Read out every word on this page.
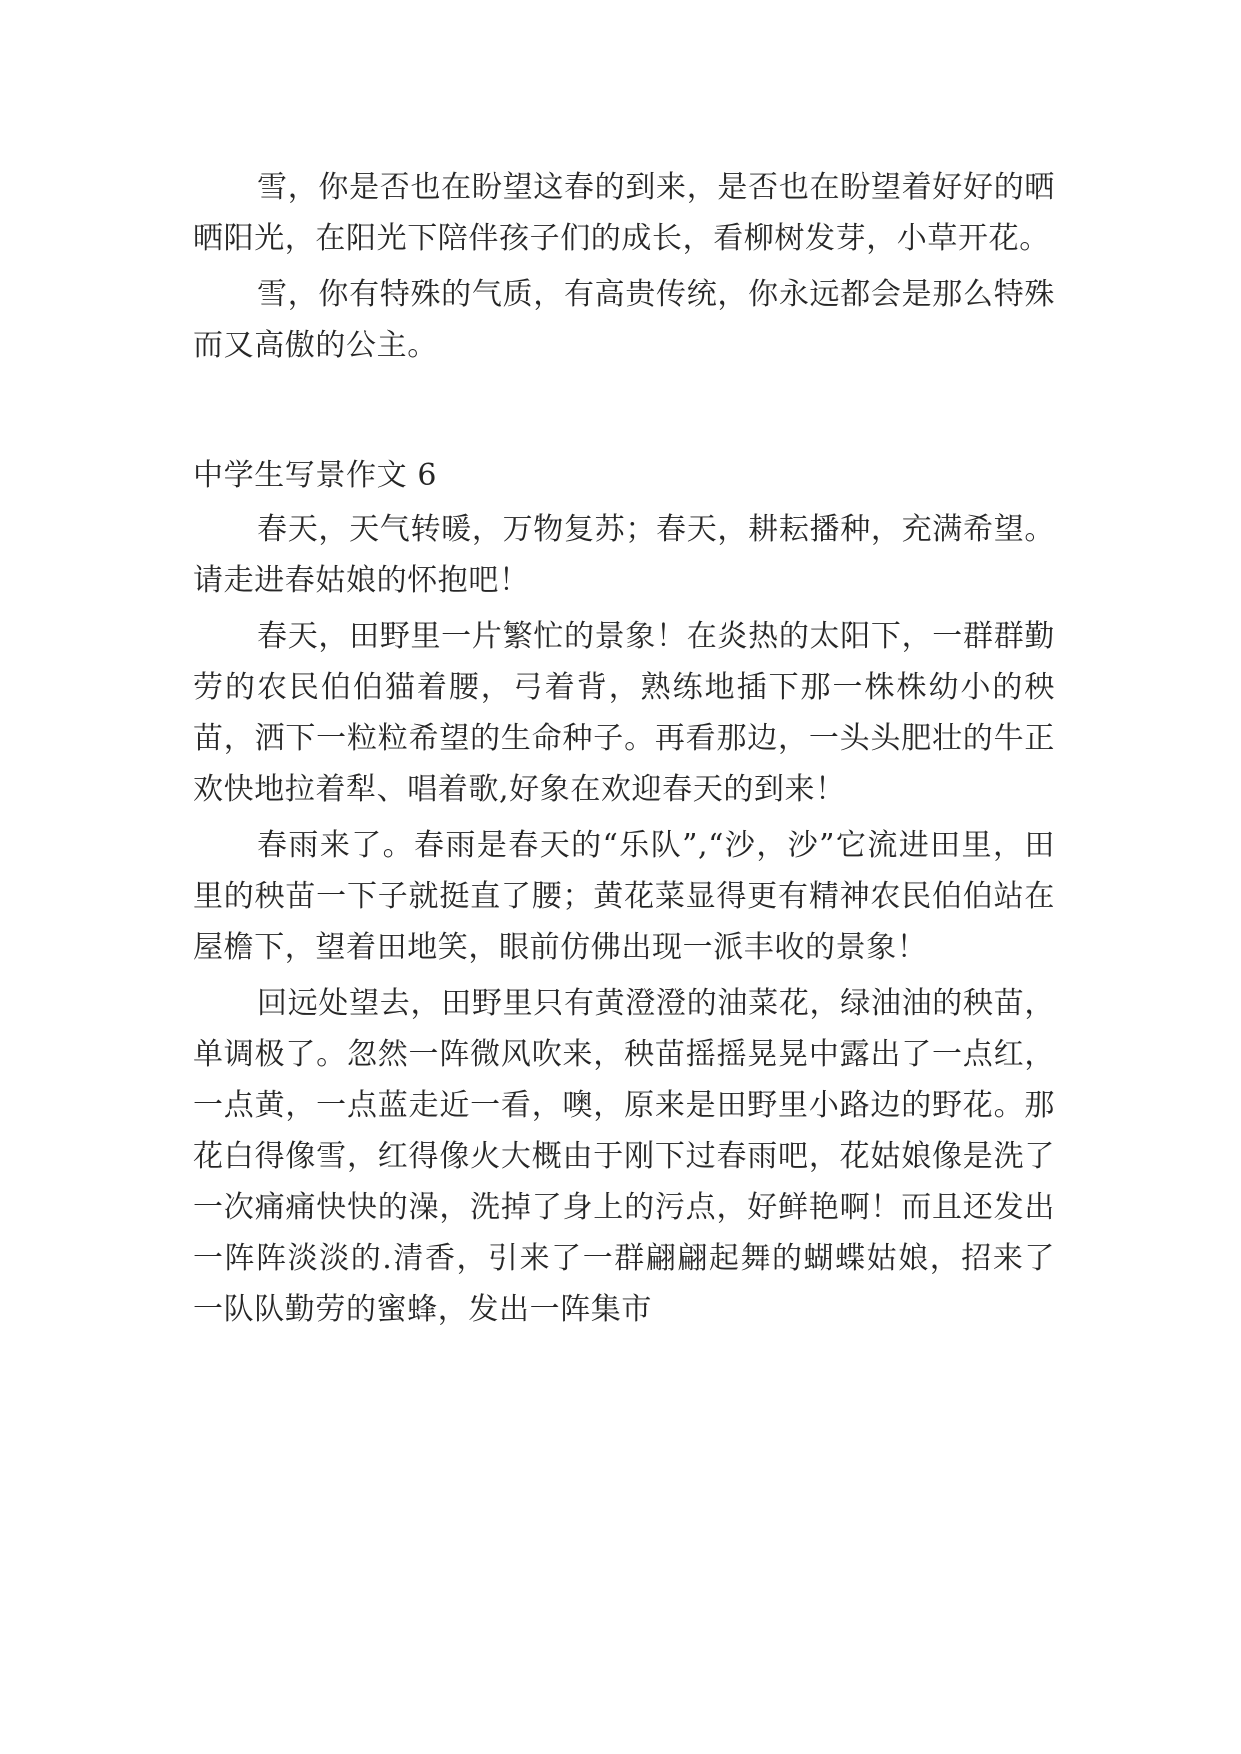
雪，你是否也在盼望这春的到来，是否也在盼望着好好的晒晒阳光，在阳光下陪伴孩子们的成长，看柳树发芽，小草开花。

雪，你有特殊的气质，有高贵传统，你永远都会是那么特殊而又高傲的公主。

中学生写景作文 6

春天，天气转暖，万物复苏；春天，耕耘播种，充满希望。请走进春姑娘的怀抱吧！

春天，田野里一片繁忙的景象！在炎热的太阳下，一群群勤劳的农民伯伯猫着腰，弓着背，熟练地插下那一株株幼小的秧苗，洒下一粒粒希望的生命种子。再看那边，一头头肥壮的牛正欢快地拉着犁、唱着歌,好象在欢迎春天的到来！

春雨来了。春雨是春天的“乐队”,“沙，沙”它流进田里，田里的秧苗一下子就挺直了腰；黄花菜显得更有精神农民伯伯站在屋檐下，望着田地笑，眼前仿佛出现一派丰收的景象！

回远处望去，田野里只有黄澄澄的油菜花，绿油油的秧苗，单调极了。忽然一阵微风吹来，秧苗摇摇晃晃中露出了一点红，一点黄，一点蓝走近一看，噢，原来是田野里小路边的野花。那花白得像雪，红得像火大概由于刚下过春雨吧，花姑娘像是洗了一次痛痛快快的澡，洗掉了身上的污点，好鲜艳啊！而且还发出一阵阵淡淡的.清香，引来了一群翩翩起舞的蝴蝶姑娘，招来了一队队勤劳的蜜蜂，发出一阵集市
